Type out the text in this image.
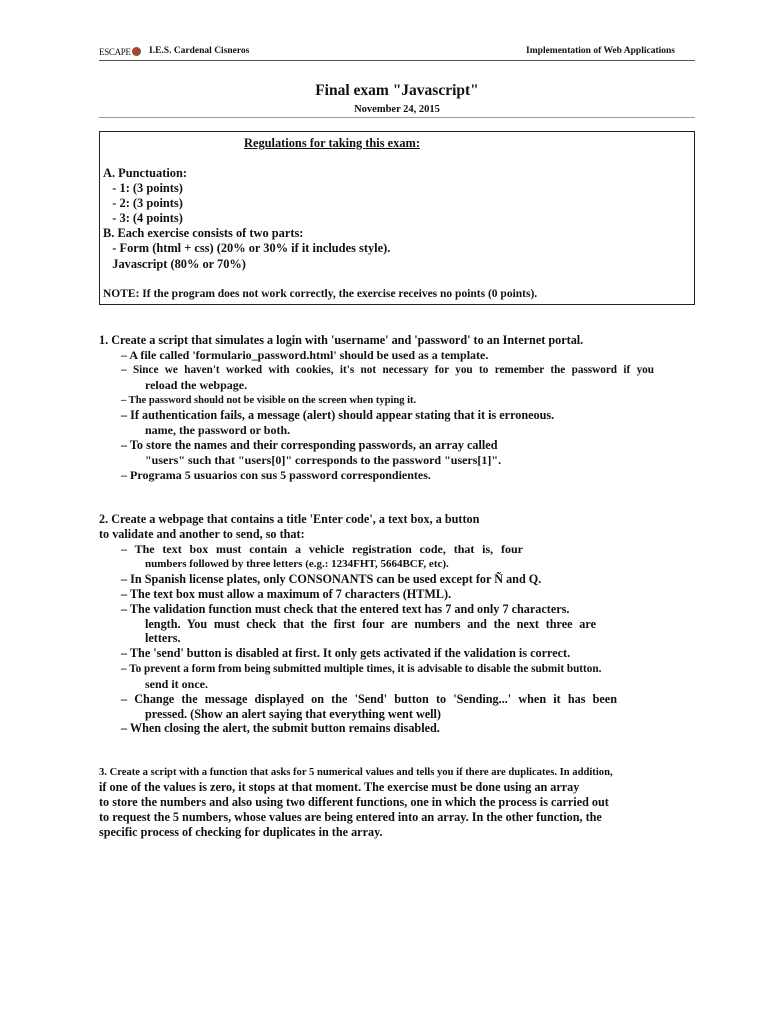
ESCAPE	I.E.S. Cardenal Cisneros	Implementation of Web Applications
Final exam "Javascript"
November 24, 2015
Regulations for taking this exam:
A. Punctuation:
- 1: (3 points)
- 2: (3 points)
- 3: (4 points)
B. Each exercise consists of two parts:
- Form (html + css) (20% or 30% if it includes style).
Javascript (80% or 70%)
NOTE: If the program does not work correctly, the exercise receives no points (0 points).
1. Create a script that simulates a login with 'username' and 'password' to an Internet portal.
– A file called 'formulario_password.html' should be used as a template.
– Since we haven't worked with cookies, it's not necessary for you to remember the password if you
reload the webpage.
– The password should not be visible on the screen when typing it.
– If authentication fails, a message (alert) should appear stating that it is erroneous.
name, the password or both.
– To store the names and their corresponding passwords, an array called
"users" such that "users[0]" corresponds to the password "users[1]".
– Programa 5 usuarios con sus 5 password correspondientes.
2. Create a webpage that contains a title 'Enter code', a text box, a button
to validate and another to send, so that:
– The text box must contain a vehicle registration code, that is, four
numbers followed by three letters (e.g.: 1234FHT, 5664BCF, etc).
– In Spanish license plates, only CONSONANTS can be used except for Ñ and Q.
– The text box must allow a maximum of 7 characters (HTML).
– The validation function must check that the entered text has 7 and only 7 characters.
length. You must check that the first four are numbers and the next three are
letters.
– The 'send' button is disabled at first. It only gets activated if the validation is correct.
– To prevent a form from being submitted multiple times, it is advisable to disable the submit button.
send it once.
– Change the message displayed on the 'Send' button to 'Sending...' when it has been
pressed. (Show an alert saying that everything went well)
– When closing the alert, the submit button remains disabled.
3. Create a script with a function that asks for 5 numerical values and tells you if there are duplicates. In addition,
if one of the values is zero, it stops at that moment. The exercise must be done using an array
to store the numbers and also using two different functions, one in which the process is carried out
to request the 5 numbers, whose values are being entered into an array. In the other function, the
specific process of checking for duplicates in the array.
